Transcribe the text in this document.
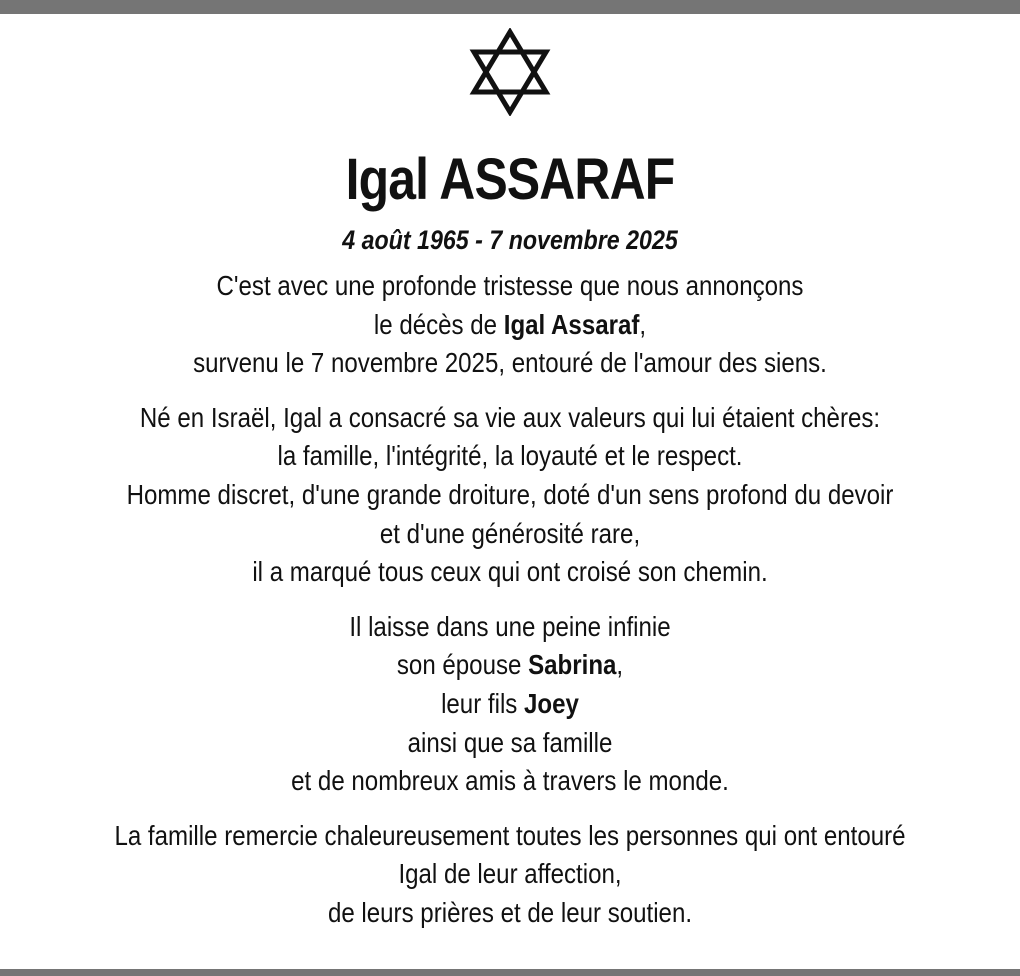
Igal ASSARAF
4 août 1965 - 7 novembre 2025
C'est avec une profonde tristesse que nous annonçons
le décès de Igal Assaraf,
survenu le 7 novembre 2025, entouré de l'amour des siens.
Né en Israël, Igal a consacré sa vie aux valeurs qui lui étaient chères:
la famille, l'intégrité, la loyauté et le respect.
Homme discret, d'une grande droiture, doté d'un sens profond du devoir
et d'une générosité rare,
il a marqué tous ceux qui ont croisé son chemin.
Il laisse dans une peine infinie
son épouse Sabrina,
leur fils Joey
ainsi que sa famille
et de nombreux amis à travers le monde.
La famille remercie chaleureusement toutes les personnes qui ont entouré
Igal de leur affection,
de leurs prières et de leur soutien.
